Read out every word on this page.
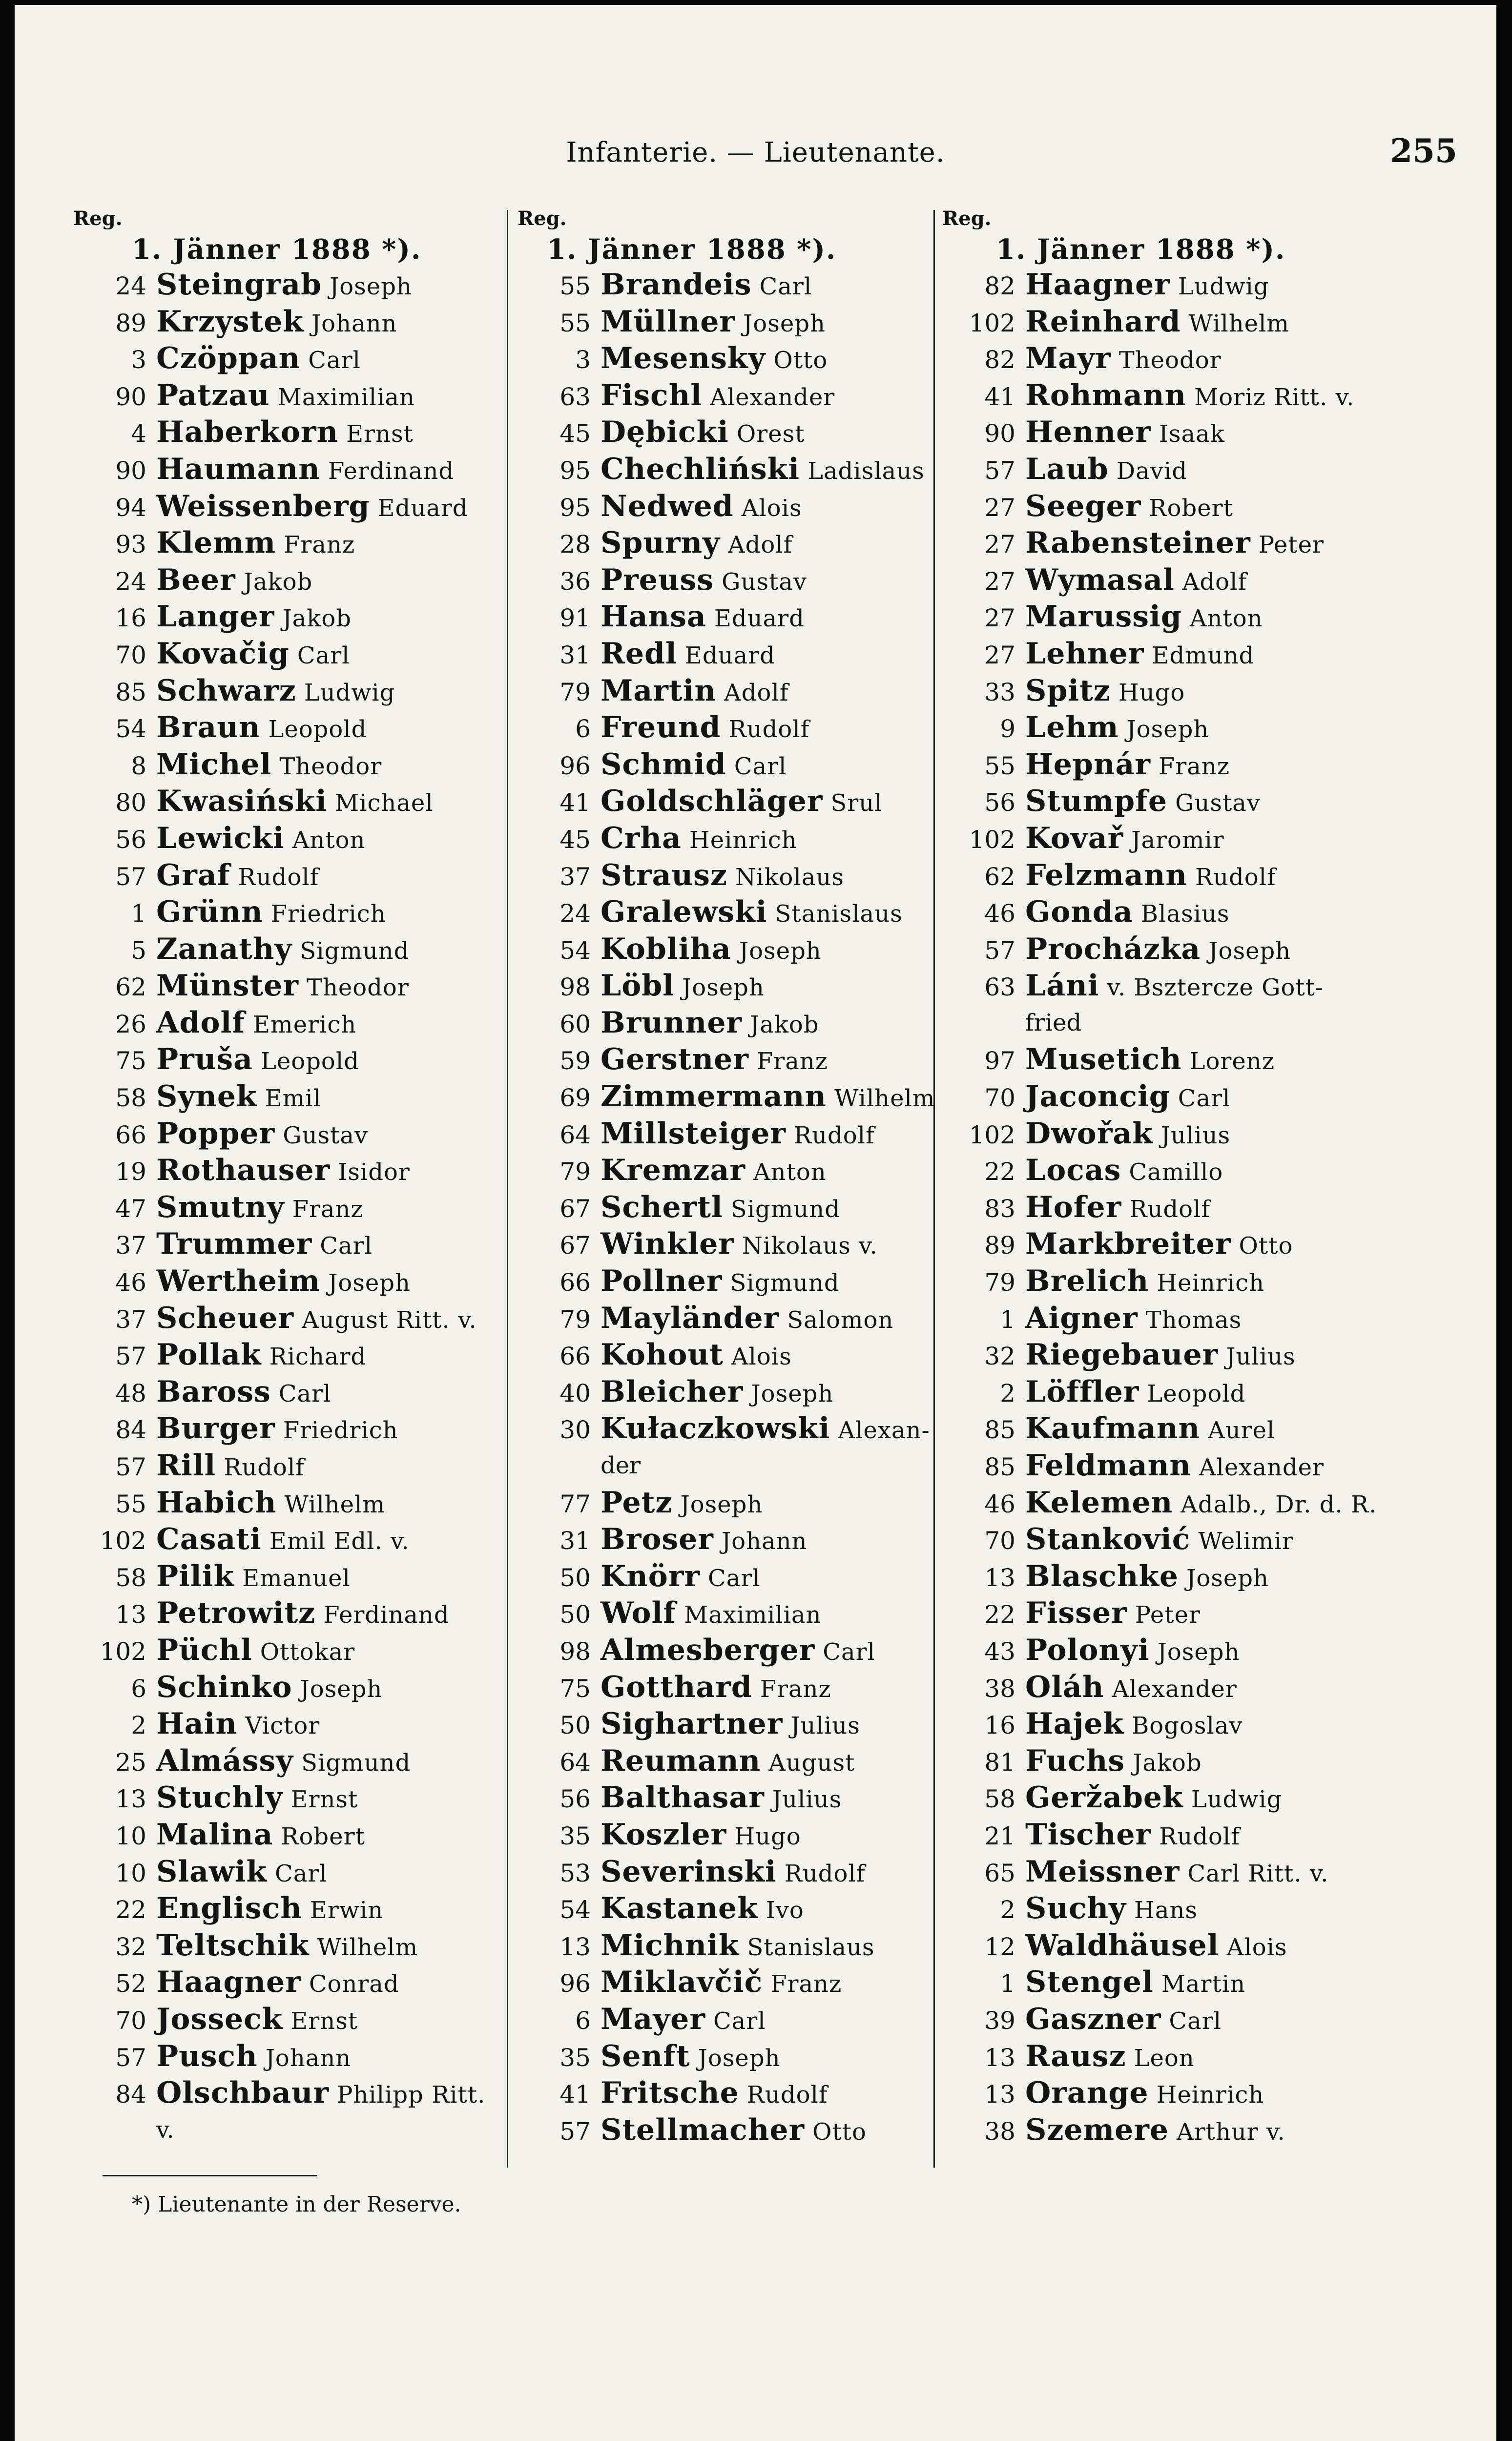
Infanterie. — Lieutenante.	255
Reg.
1. Jänner 1888 *).
24 Steingrab Joseph
89 Krzystek Johann
3 Czöppan Carl
90 Patzau Maximilian
4 Haberkorn Ernst
90 Haumann Ferdinand
94 Weissenberg Eduard
93 Klemm Franz
24 Beer Jakob
16 Langer Jakob
70 Kovačig Carl
85 Schwarz Ludwig
54 Braun Leopold
8 Michel Theodor
80 Kwasiński Michael
56 Lewicki Anton
57 Graf Rudolf
1 Grünn Friedrich
5 Zanathy Sigmund
62 Münster Theodor
26 Adolf Emerich
75 Pruša Leopold
58 Synek Emil
66 Popper Gustav
19 Rothauser Isidor
47 Smutny Franz
37 Trummer Carl
46 Wertheim Joseph
37 Scheuer August Ritt. v.
57 Pollak Richard
48 Baross Carl
84 Burger Friedrich
57 Rill Rudolf
55 Habich Wilhelm
102 Casati Emil Edl. v.
58 Pilik Emanuel
13 Petrowitz Ferdinand
102 Püchl Ottokar
6 Schinko Joseph
2 Hain Victor
25 Almássy Sigmund
13 Stuchly Ernst
10 Malina Robert
10 Slawik Carl
22 Englisch Erwin
32 Teltschik Wilhelm
52 Haagner Conrad
70 Josseck Ernst
57 Pusch Johann
84 Olschbaur Philipp Ritt.
v.
Reg.
1. Jänner 1888 *).
55 Brandeis Carl
55 Müllner Joseph
3 Mesensky Otto
63 Fischl Alexander
45 Dębicki Orest
95 Chechliński Ladislaus
95 Nedwed Alois
28 Spurny Adolf
36 Preuss Gustav
91 Hansa Eduard
31 Redl Eduard
79 Martin Adolf
6 Freund Rudolf
96 Schmid Carl
41 Goldschläger Srul
45 Crha Heinrich
37 Strausz Nikolaus
24 Gralewski Stanislaus
54 Kobliha Joseph
98 Löbl Joseph
60 Brunner Jakob
59 Gerstner Franz
69 Zimmermann Wilhelm
64 Millsteiger Rudolf
79 Kremzar Anton
67 Schertl Sigmund
67 Winkler Nikolaus v.
66 Pollner Sigmund
79 Mayländer Salomon
66 Kohout Alois
40 Bleicher Joseph
30 Kułaczkowski Alexan-
der
77 Petz Joseph
31 Broser Johann
50 Knörr Carl
50 Wolf Maximilian
98 Almesberger Carl
75 Gotthard Franz
50 Sighartner Julius
64 Reumann August
56 Balthasar Julius
35 Koszler Hugo
53 Severinski Rudolf
54 Kastanek Ivo
13 Michnik Stanislaus
96 Miklavčič Franz
6 Mayer Carl
35 Senft Joseph
41 Fritsche Rudolf
57 Stellmacher Otto
Reg.
1. Jänner 1888 *).
82 Haagner Ludwig
102 Reinhard Wilhelm
82 Mayr Theodor
41 Rohmann Moriz Ritt. v.
90 Henner Isaak
57 Laub David
27 Seeger Robert
27 Rabensteiner Peter
27 Wymasal Adolf
27 Marussig Anton
27 Lehner Edmund
33 Spitz Hugo
9 Lehm Joseph
55 Hepnár Franz
56 Stumpfe Gustav
102 Kovař Jaromir
62 Felzmann Rudolf
46 Gonda Blasius
57 Procházka Joseph
63 Láni v. Bsztercze Gott-
fried
97 Musetich Lorenz
70 Jaconcig Carl
102 Dwořak Julius
22 Locas Camillo
83 Hofer Rudolf
89 Markbreiter Otto
79 Brelich Heinrich
1 Aigner Thomas
32 Riegebauer Julius
2 Löffler Leopold
85 Kaufmann Aurel
85 Feldmann Alexander
46 Kelemen Adalb., Dr. d. R.
70 Stanković Welimir
13 Blaschke Joseph
22 Fisser Peter
43 Polonyi Joseph
38 Oláh Alexander
16 Hajek Bogoslav
81 Fuchs Jakob
58 Geržabek Ludwig
21 Tischer Rudolf
65 Meissner Carl Ritt. v.
2 Suchy Hans
12 Waldhäusel Alois
1 Stengel Martin
39 Gaszner Carl
13 Rausz Leon
13 Orange Heinrich
38 Szemere Arthur v.
*) Lieutenante in der Reserve.
